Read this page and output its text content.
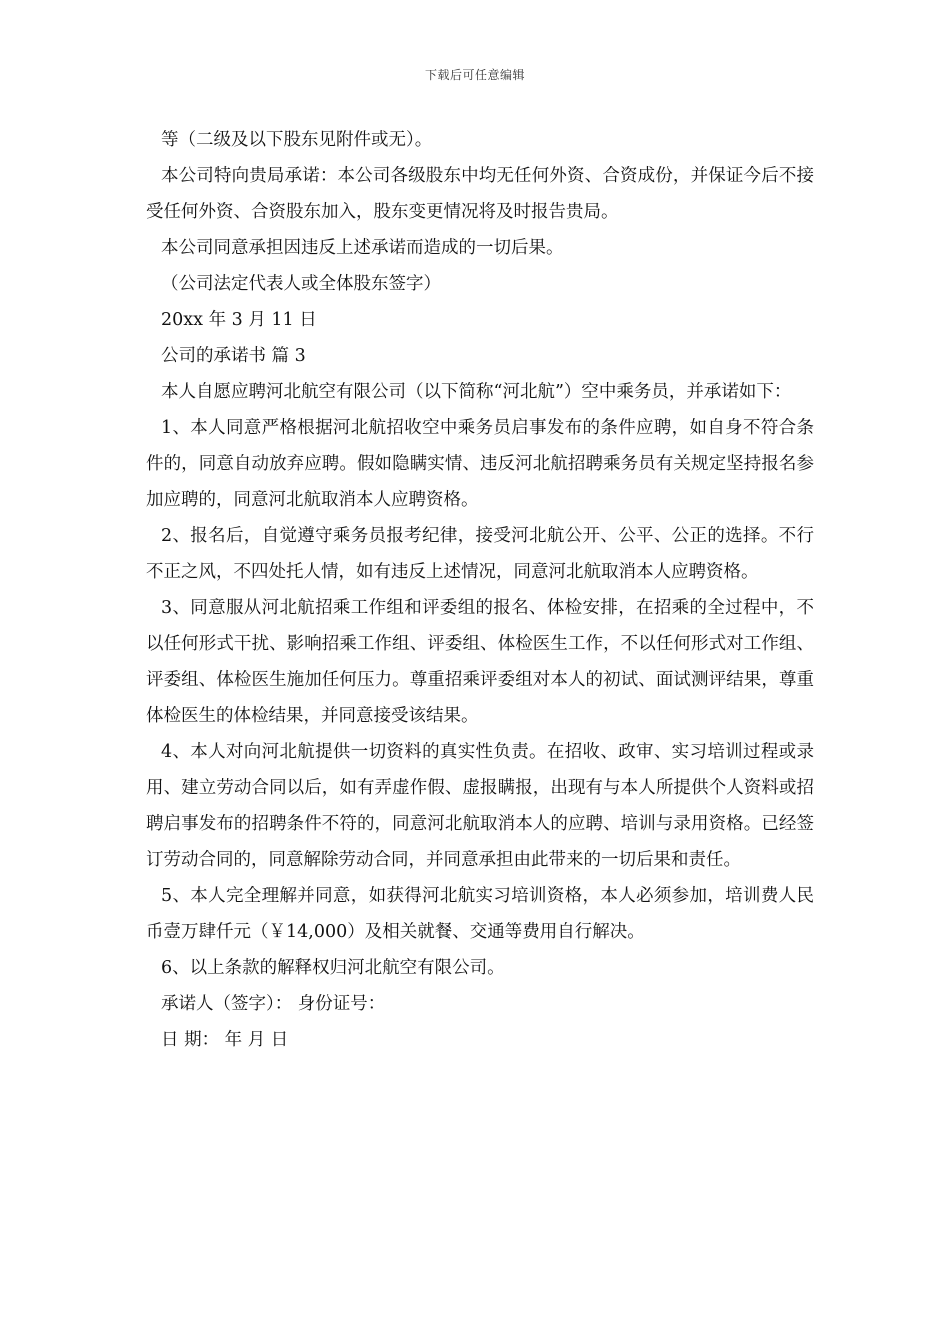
下载后可任意编辑

等（二级及以下股东见附件或无）。

本公司特向贵局承诺：本公司各级股东中均无任何外资、合资成份，并保证今后不接受任何外资、合资股东加入，股东变更情况将及时报告贵局。

本公司同意承担因违反上述承诺而造成的一切后果。

（公司法定代表人或全体股东签字）

20xx 年 3 月 11 日

公司的承诺书 篇 3

本人自愿应聘河北航空有限公司（以下简称“河北航”）空中乘务员，并承诺如下：

1、本人同意严格根据河北航招收空中乘务员启事发布的条件应聘，如自身不符合条件的，同意自动放弃应聘。假如隐瞒实情、违反河北航招聘乘务员有关规定坚持报名参加应聘的，同意河北航取消本人应聘资格。

2、报名后，自觉遵守乘务员报考纪律，接受河北航公开、公平、公正的选择。不行不正之风，不四处托人情，如有违反上述情况，同意河北航取消本人应聘资格。

3、同意服从河北航招乘工作组和评委组的报名、体检安排，在招乘的全过程中，不以任何形式干扰、影响招乘工作组、评委组、体检医生工作，不以任何形式对工作组、评委组、体检医生施加任何压力。尊重招乘评委组对本人的初试、面试测评结果，尊重体检医生的体检结果，并同意接受该结果。

4、本人对向河北航提供一切资料的真实性负责。在招收、政审、实习培训过程或录用、建立劳动合同以后，如有弄虚作假、虚报瞒报，出现有与本人所提供个人资料或招聘启事发布的招聘条件不符的，同意河北航取消本人的应聘、培训与录用资格。已经签订劳动合同的，同意解除劳动合同，并同意承担由此带来的一切后果和责任。

5、本人完全理解并同意，如获得河北航实习培训资格，本人必须参加，培训费人民币壹万肆仟元（￥14,000）及相关就餐、交通等费用自行解决。

6、以上条款的解释权归河北航空有限公司。

承诺人（签字）： 身份证号：

日 期： 年 月 日
